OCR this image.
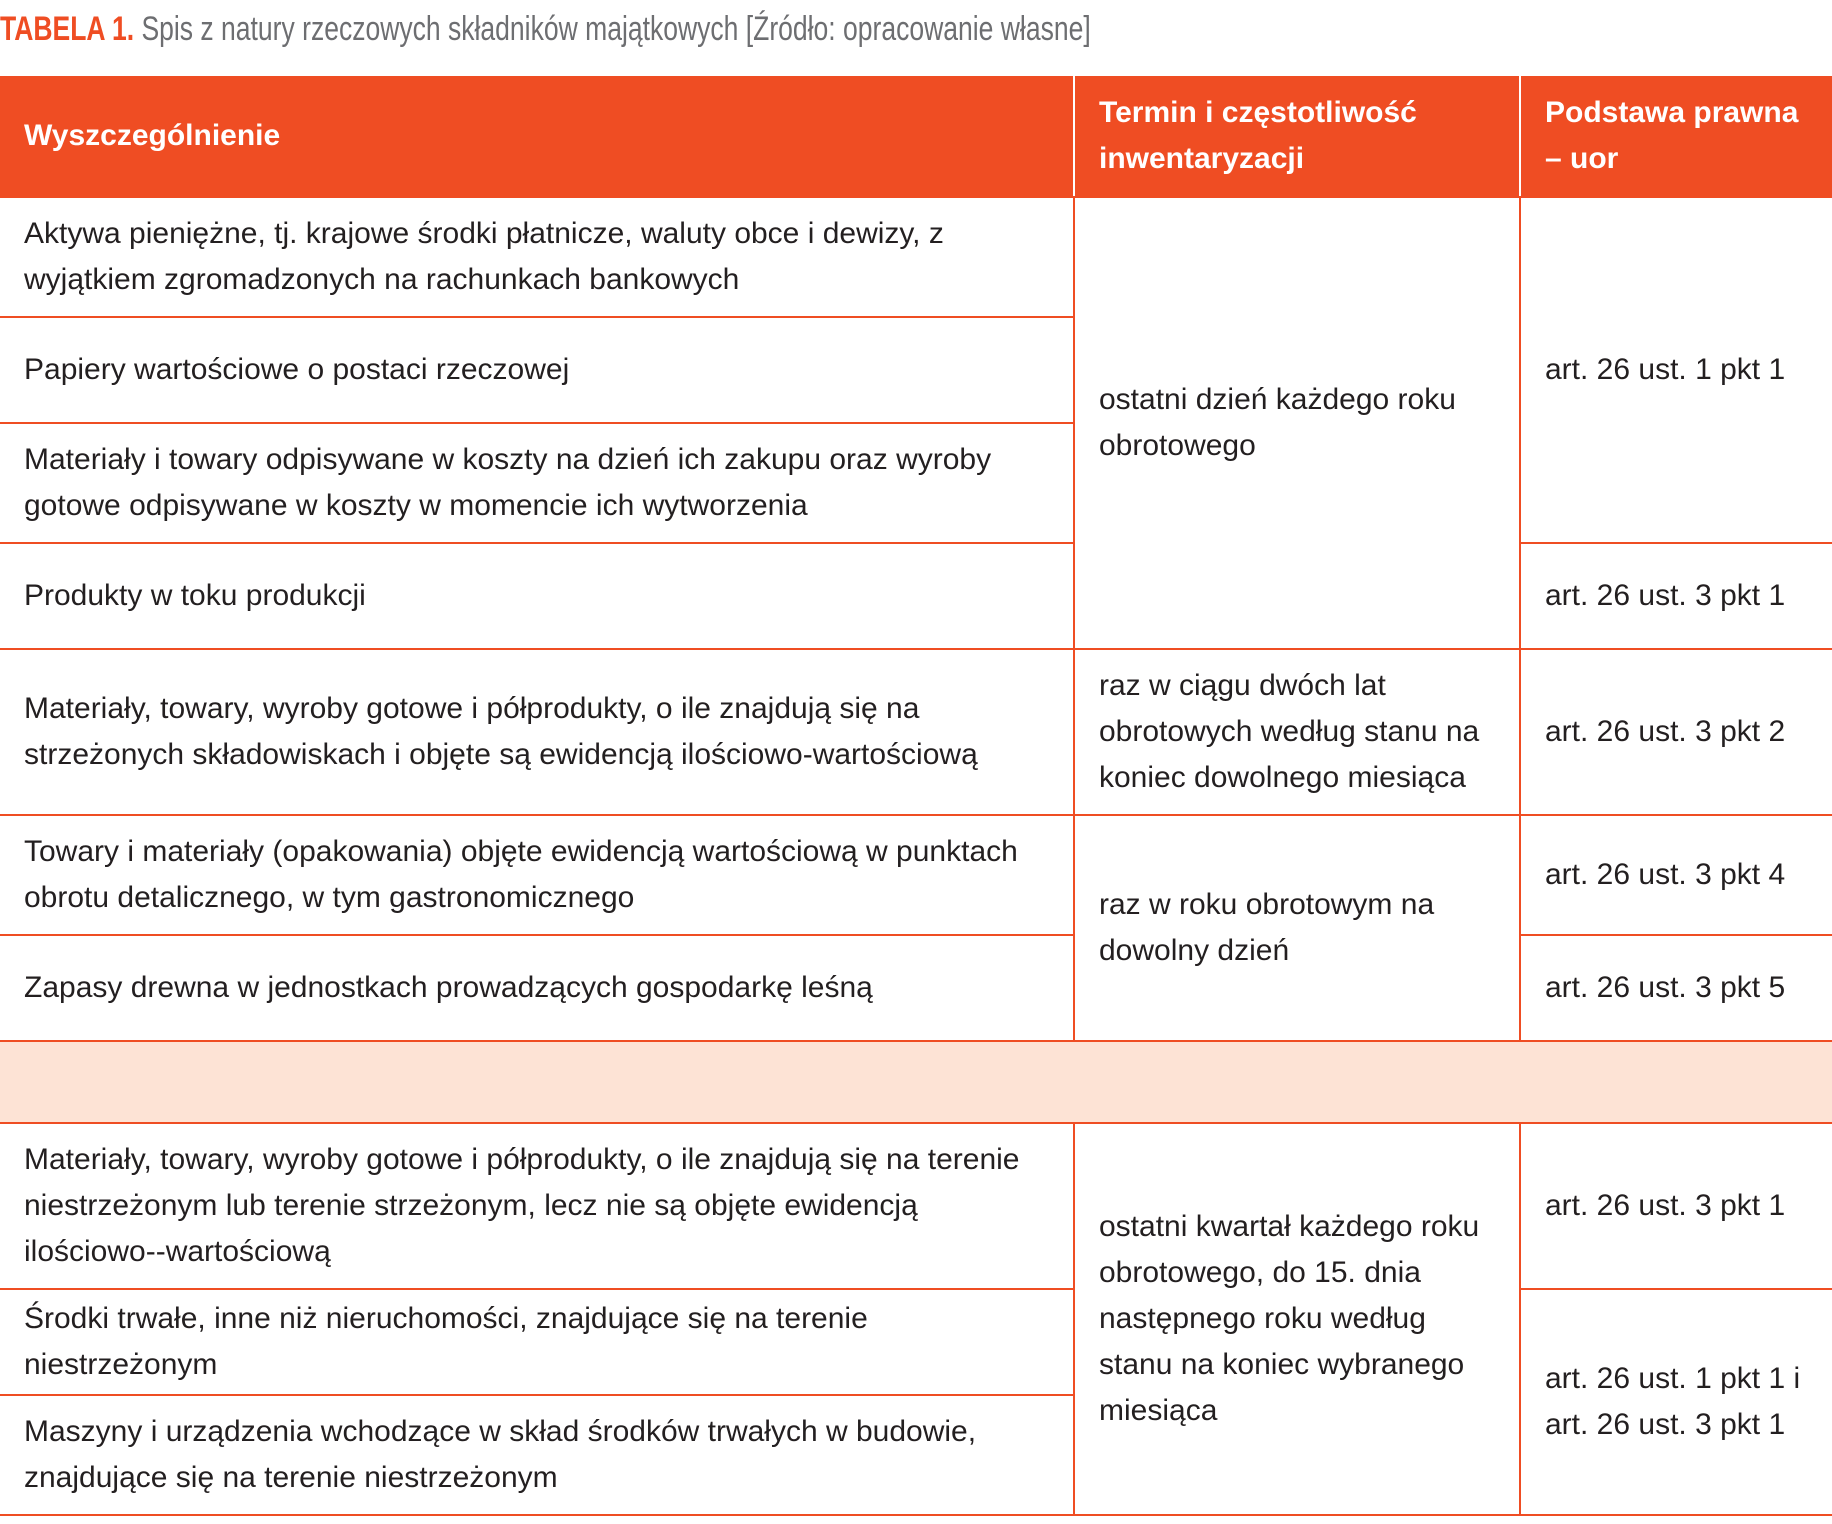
TABELA 1. Spis z natury rzeczowych składników majątkowych [Źródło: opracowanie własne]
Wyszczególnienie	Termin i częstotliwość inwentaryzacji	Podstawa prawna – uor
Aktywa pieniężne, tj. krajowe środki płatnicze, waluty obce i dewizy, z wyjątkiem zgromadzonych na rachunkach bankowych	ostatni dzień każdego roku obrotowego	art. 26 ust. 1 pkt 1
Papiery wartościowe o postaci rzeczowej		
Materiały i towary odpisywane w koszty na dzień ich zakupu oraz wyroby gotowe odpisywane w koszty w momencie ich wytworzenia		
Produkty w toku produkcji		art. 26 ust. 3 pkt 1
Materiały, towary, wyroby gotowe i półprodukty, o ile znajdują się na strzeżonych składowiskach i objęte są ewidencją ilościowo-wartościową	raz w ciągu dwóch lat obrotowych według stanu na koniec dowolnego miesiąca	art. 26 ust. 3 pkt 2
Towary i materiały (opakowania) objęte ewidencją wartościową w punktach obrotu detalicznego, w tym gastronomicznego	raz w roku obrotowym na dowolny dzień	art. 26 ust. 3 pkt 4
Zapasy drewna w jednostkach prowadzących gospodarkę leśną		art. 26 ust. 3 pkt 5

Materiały, towary, wyroby gotowe i półprodukty, o ile znajdują się na terenie niestrzeżonym lub terenie strzeżonym, lecz nie są objęte ewidencją ilościowo--wartościową	ostatni kwartał każdego roku obrotowego, do 15. dnia następnego roku według stanu na koniec wybranego miesiąca	art. 26 ust. 3 pkt 1
Środki trwałe, inne niż nieruchomości, znajdujące się na terenie niestrzeżonym		art. 26 ust. 1 pkt 1 i art. 26 ust. 3 pkt 1
Maszyny i urządzenia wchodzące w skład środków trwałych w budowie, znajdujące się na terenie niestrzeżonym		
